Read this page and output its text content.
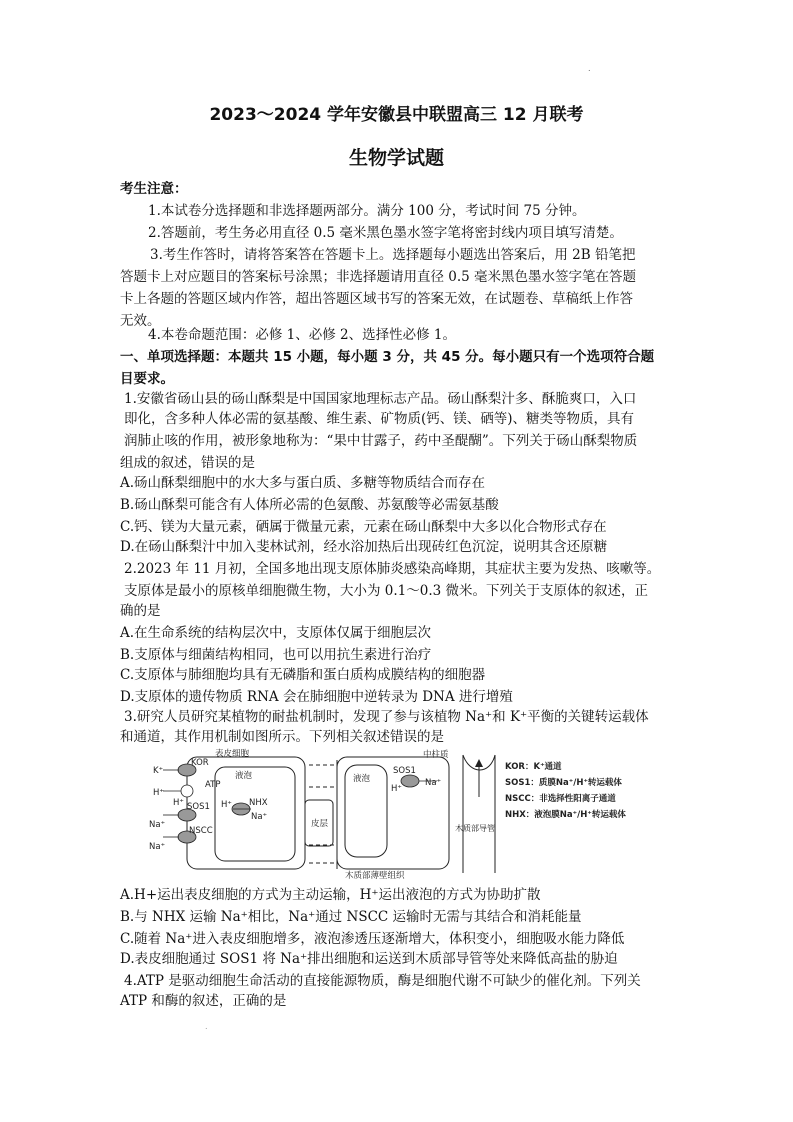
.
2023～2024 学年安徽县中联盟高三 12 月联考
生物学试题
考生注意：
1.本试卷分选择题和非选择题两部分。满分 100 分，考试时间 75 分钟。
2.答题前，考生务必用直径 0.5 毫米黑色墨水签字笔将密封线内项目填写清楚。
3.考生作答时，请将答案答在答题卡上。选择题每小题选出答案后，用 2B 铅笔把
答题卡上对应题目的答案标号涂黑；非选择题请用直径 0.5 毫米黑色墨水签字笔在答题
卡上各题的答题区域内作答，超出答题区域书写的答案无效，在试题卷、草稿纸上作答
无效。
4.本卷命题范围：必修 1、必修 2、选择性必修 1。
一、单项选择题：本题共 15 小题，每小题 3 分，共 45 分。每小题只有一个选项符合题
目要求。
1.安徽省砀山县的砀山酥梨是中国国家地理标志产品。砀山酥梨汁多、酥脆爽口，入口
即化，含多种人体必需的氨基酸、维生素、矿物质(钙、镁、硒等)、糖类等物质，具有
润肺止咳的作用，被形象地称为：“果中甘露子，药中圣醍醐”。下列关于砀山酥梨物质
组成的叙述，错误的是
A.砀山酥梨细胞中的水大多与蛋白质、多糖等物质结合而存在
B.砀山酥梨可能含有人体所必需的色氨酸、苏氨酸等必需氨基酸
C.钙、镁为大量元素，硒属于微量元素，元素在砀山酥梨中大多以化合物形式存在
D.在砀山酥梨汁中加入斐林试剂，经水浴加热后出现砖红色沉淀，说明其含还原糖
2.2023 年 11 月初，全国多地出现支原体肺炎感染高峰期，其症状主要为发热、咳嗽等。
支原体是最小的原核单细胞微生物，大小为 0.1～0.3 微米。下列关于支原体的叙述，正
确的是
A.在生命系统的结构层次中，支原体仅属于细胞层次
B.支原体与细菌结构相同，也可以用抗生素进行治疗
C.支原体与肺细胞均具有无磷脂和蛋白质构成膜结构的细胞器
D.支原体的遗传物质 RNA 会在肺细胞中逆转录为 DNA 进行增殖
3.研究人员研究某植物的耐盐机制时，发现了参与该植物 Na⁺和 K⁺平衡的关键转运载体
和通道，其作用机制如图所示。下列相关叙述错误的是
表皮细胞
液泡	液泡
皮层
木质部薄壁组织
中柱质
木质部导管
KOR
ATP
SOS1
SOS1
NHX
NSCC
K⁺
H⁺
H⁺	H⁺
H⁺
Na⁺
Na⁺
Na⁺
Na⁺
KOR：K⁺通道
SOS1：质膜Na⁺/H⁺转运载体
NSCC：非选择性阳离子通道
NHX：液泡膜Na⁺/H⁺转运载体
A.H+运出表皮细胞的方式为主动运输，H⁺运出液泡的方式为协助扩散
B.与 NHX 运输 Na⁺相比，Na⁺通过 NSCC 运输时无需与其结合和消耗能量
C.随着 Na⁺进入表皮细胞增多，液泡渗透压逐渐增大，体积变小，细胞吸水能力降低
D.表皮细胞通过 SOS1 将 Na⁺排出细胞和运送到木质部导管等处来降低高盐的胁迫
4.ATP 是驱动细胞生命活动的直接能源物质，酶是细胞代谢不可缺少的催化剂。下列关
ATP 和酶的叙述，正确的是
.
